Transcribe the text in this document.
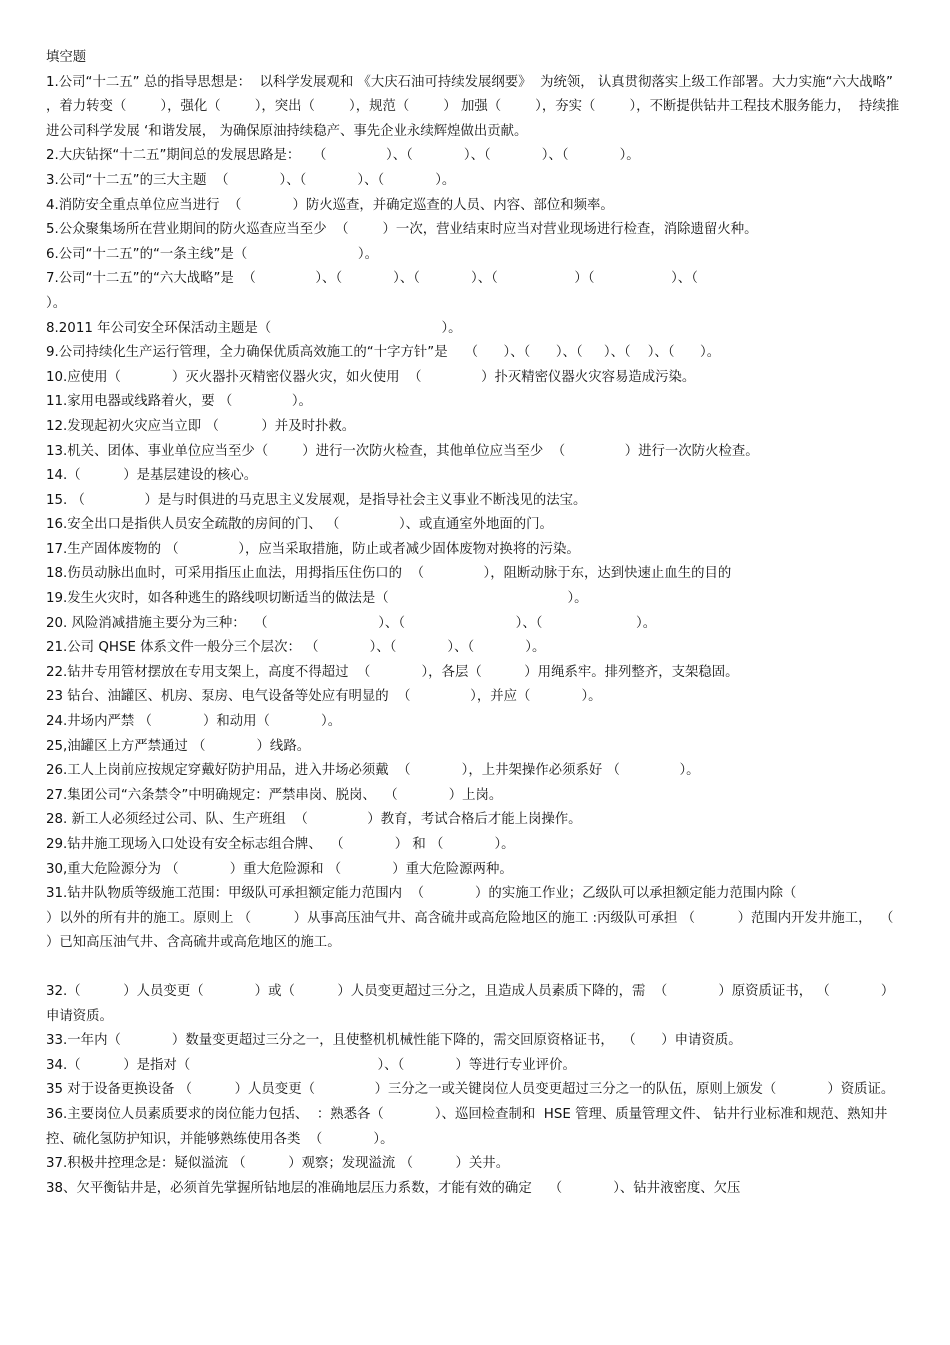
填空题

1.公司“十二五” 总的指导思想是：  以科学发展观和 《大庆石油可持续发展纲要》  为统领， 认真贯彻落实上级工作部署。大力实施“六大战略” ，着力转变（        ），强化（        ），突出（        ），规范（        ） 加强（        ），夯实（        ），不断提供钻井工程技术服务能力，  持续推进公司科学发展 ‘和谐发展， 为确保原油持续稳产、事先企业永续辉煌做出贡献。

2.大庆钻探“十二五”期间总的发展思路是：   （              ）、（            ）、（            ）、（            ）。

3.公司“十二五”的三大主题  （            ）、（            ）、（            ）。

4.消防安全重点单位应当进行  （            ）防火巡查，并确定巡查的人员、内容、部位和频率。

5.公众聚集场所在营业期间的防火巡查应当至少  （        ）一次，营业结束时应当对营业现场进行检查，消除遗留火种。

6.公司“十二五”的“一条主线”是（                          ）。

7.公司“十二五”的“六大战略”是  （              ）、（            ）、（            ）、（                  ）（                  ）、（                                              ）。

8.2011 年公司安全环保活动主题是（                                        ）。

9.公司持续化生产运行管理，全力确保优质高效施工的“十字方针”是    （      ）、（      ）、（     ）、（    ）、（      ）。

10.应使用（            ）灭火器扑灭精密仪器火灾，如火使用  （              ）扑灭精密仪器火灾容易造成污染。

11.家用电器或线路着火，要 （              ）。

12.发现起初火灾应当立即 （          ）并及时扑救。

13.机关、团体、事业单位应当至少（        ）进行一次防火检查，其他单位应当至少  （              ）进行一次防火检查。

14.（          ）是基层建设的核心。

15. （              ）是与时俱进的马克思主义发展观，是指导社会主义事业不断浅见的法宝。

16.安全出口是指供人员安全疏散的房间的门、 （              ）、或直通室外地面的门。

17.生产固体废物的 （              ），应当采取措施，防止或者减少固体废物对换将的污染。

18.伤员动脉出血时，可采用指压止血法，用拇指压住伤口的  （              ），阻断动脉于东，达到快速止血生的目的

19.发生火灾时，如各种逃生的路线呗切断适当的做法是（                                          ）。

20. 风险消减措施主要分为三种：  （                          ）、（                          ）、（                      ）。

21.公司 QHSE 体系文件一般分三个层次： （            ）、（            ）、（            ）。

22.钻井专用管材摆放在专用支架上，高度不得超过  （            ），各层（          ）用绳系牢。排列整齐，支架稳固。

23 钻台、油罐区、机房、泵房、电气设备等处应有明显的  （              ），并应（            ）。

24.井场内严禁 （            ）和动用（            ）。

25,油罐区上方严禁通过 （            ）线路。

26.工人上岗前应按规定穿戴好防护用品，进入井场必须戴  （            ），上井架操作必须系好 （              ）。

27.集团公司“六条禁令”中明确规定：严禁串岗、脱岗、  （            ）上岗。

28. 新工人必须经过公司、队、生产班组  （              ）教育，考试合格后才能上岗操作。

29.钻井施工现场入口处设有安全标志组合牌、  （            ） 和 （            ）。

30,重大危险源分为 （            ）重大危险源和 （            ）重大危险源两种。

31.钻井队物质等级施工范围：甲级队可承担额定能力范围内  （            ）的实施工作业；乙级队可以承担额定能力范围内除（                          ）以外的所有井的施工。原则上 （          ）从事高压油气井、高含硫井或高危险地区的施工 :丙级队可承担 （          ）范围内开发井施工，  （          ）已知高压油气井、含高硫井或高危地区的施工。

32.（          ）人员变更（            ）或（          ）人员变更超过三分之，且造成人员素质下降的，需  （            ）原资质证书， （            ）申请资质。

33.一年内（            ）数量变更超过三分之一，且使整机机械性能下降的，需交回原资格证书，  （      ）申请资质。

34.（          ）是指对（                                            ）、（            ）等进行专业评价。

35 对于设备更换设备 （          ）人员变更（              ）三分之一或关键岗位人员变更超过三分之一的队伍，原则上颁发（            ）资质证。

36.主要岗位人员素质要求的岗位能力包括、  ：熟悉各（            ）、巡回检查制和  HSE 管理、质量管理文件、 钻井行业标准和规范、熟知井控、硫化氢防护知识，并能够熟练使用各类  （            ）。

37.积极井控理念是：疑似溢流 （          ）观察；发现溢流 （          ）关井。

38、欠平衡钻井是，必须首先掌握所钻地层的准确地层压力系数，才能有效的确定    （            ）、钻井液密度、欠压
